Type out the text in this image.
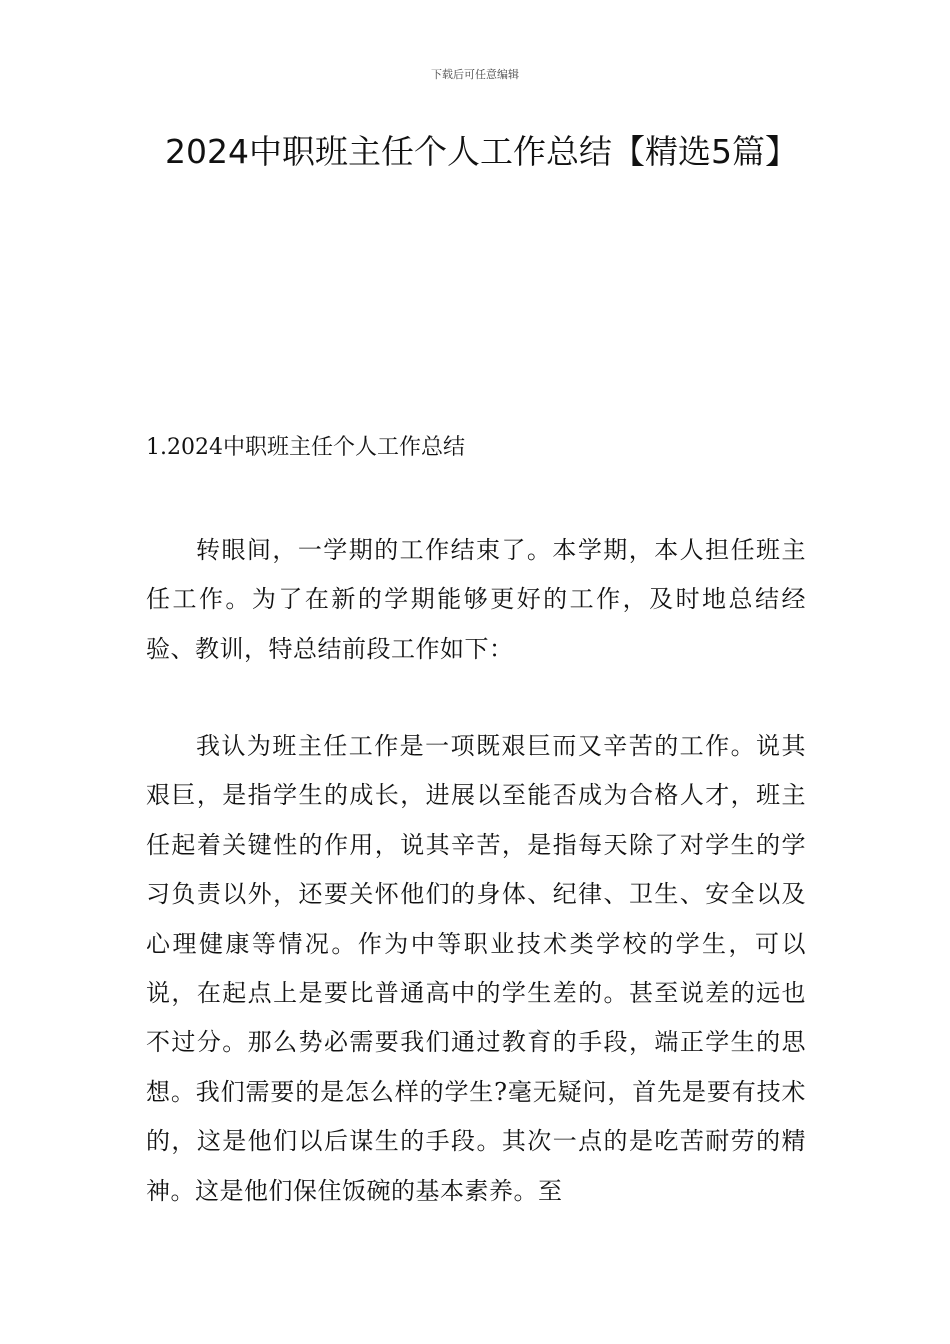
下载后可任意编辑
2024中职班主任个人工作总结【精选5篇】
1.2024中职班主任个人工作总结

转眼间，一学期的工作结束了。本学期，本人担任班主任工作。为了在新的学期能够更好的工作，及时地总结经验、教训，特总结前段工作如下：

我认为班主任工作是一项既艰巨而又辛苦的工作。说其艰巨，是指学生的成长，进展以至能否成为合格人才，班主任起着关键性的作用，说其辛苦，是指每天除了对学生的学习负责以外，还要关怀他们的身体、纪律、卫生、安全以及心理健康等情况。作为中等职业技术类学校的学生，可以说，在起点上是要比普通高中的学生差的。甚至说差的远也不过分。那么势必需要我们通过教育的手段，端正学生的思想。我们需要的是怎么样的学生?毫无疑问，首先是要有技术的，这是他们以后谋生的手段。其次一点的是吃苦耐劳的精神。这是他们保住饭碗的基本素养。至
